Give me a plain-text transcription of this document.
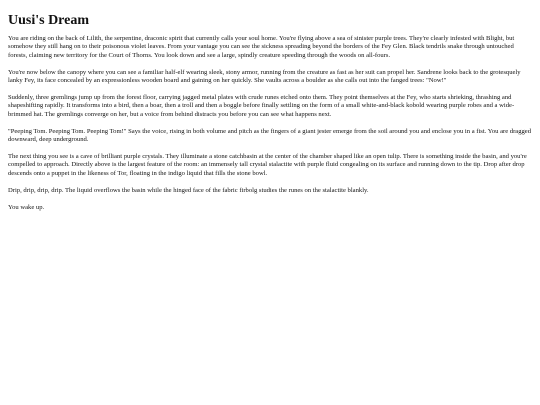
Uusi's Dream

You are riding on the back of Lilith, the serpentine, draconic spirit that currently calls your soul home. You're flying above a sea of sinister purple trees. They're clearly infested with Blight, but somehow they still hang on to their poisonous violet leaves. From your vantage you can see the sickness spreading beyond the borders of the Fey Glen. Black tendrils snake through untouched forests, claiming new territory for the Court of Thorns. You look down and see a large, spindly creature speeding through the woods on all-fours.

You're now below the canopy where you can see a familiar half-elf wearing sleek, stony armor, running from the creature as fast as her suit can propel her. Sandrene looks back to the grotesquely lanky Fey, its face concealed by an expressionless wooden board and gaining on her quickly. She vaults across a boulder as she calls out into the fanged trees: "Now!"

Suddenly, three gremlings jump up from the forest floor, carrying jagged metal plates with crude runes etched onto them. They point themselves at the Fey, who starts shrieking, thrashing and shapeshifting rapidly. It transforms into a bird, then a boar, then a troll and then a boggle before finally settling on the form of a small white-and-black kobold wearing purple robes and a wide-brimmed hat. The gremlings converge on her, but a voice from behind distracts you before you can see what happens next.

"Peeping Tom. Peeping Tom. Peeping Tom!" Says the voice, rising in both volume and pitch as the fingers of a giant jester emerge from the soil around you and enclose you in a fist. You are dragged downward, deep underground.

The next thing you see is a cave of brilliant purple crystals. They illuminate a stone catchbasin at the center of the chamber shaped like an open tulip. There is something inside the basin, and you're compelled to approach. Directly above is the largest feature of the room: an immensely tall crystal stalactite with purple fluid congealing on its surface and running down to the tip. Drop after drop descends onto a puppet in the likeness of Tor, floating in the indigo liquid that fills the stone bowl.

Drip, drip, drip, drip. The liquid overflows the basin while the hinged face of the fabric firbolg studies the runes on the stalactite blankly.

You wake up.
